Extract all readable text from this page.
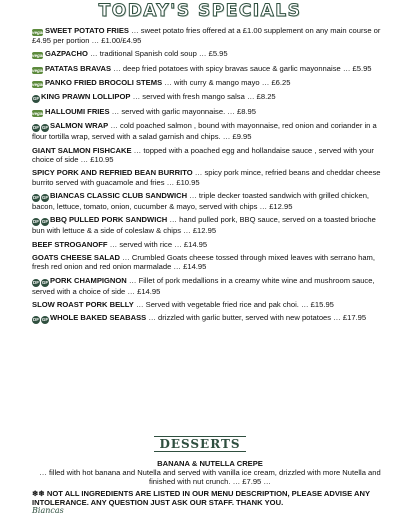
TODAY'S SPECIALS
veganSWEET POTATO FRIES … sweet potato fries offered at a £1.00 supplement on any main course or £4.95 per portion … £1.00/£4.95
veganGAZPACHO … traditional Spanish cold soup … £5.95
veganPATATAS BRAVAS … deep fried potatoes with spicy bravas sauce & garlic mayonnaise … £5.95
veganPANKO FRIED BROCOLI STEMS … with curry & mango mayo … £6.25
GF KING PRAWN LOLLIPOP … served with fresh mango salsa … £8.25
veganHALLOUMI FRIES … served with garlic mayonnaise. … £8.95
DF GF SALMON WRAP … cold poached salmon , bound with mayonnaise, red onion and coriander in a flour tortilla wrap, served with a salad garnish and chips. … £9.95
GIANT SALMON FISHCAKE … topped with a poached egg and hollandaise sauce , served with your choice of side … £10.95
SPICY PORK AND REFRIED BEAN BURRITO … spicy pork mince, refried beans and cheddar cheese burrito served with guacamole and fries … £10.95
DF GF BIANCAS CLASSIC CLUB SANDWICH … triple decker toasted sandwich with grilled chicken, bacon, lettuce, tomato, onion, cucumber & mayo, served with chips … £12.95
DF GF BBQ PULLED PORK SANDWICH … hand pulled pork, BBQ sauce, served on a toasted brioche bun with lettuce & a side of coleslaw & chips … £12.95
BEEF STROGANOFF … served with rice … £14.95
GOATS CHEESE SALAD … Crumbled Goats cheese tossed through mixed leaves with serrano ham, fresh red onion and red onion marmalade … £14.95
DF GF PORK CHAMPIGNON … Fillet of pork medallions in a creamy white wine and mushroom sauce, served with a choice of side … £14.95
SLOW ROAST PORK BELLY … Served with vegetable fried rice and pak choi. … £15.95
DF GF WHOLE BAKED SEABASS … drizzled with garlic butter, served with new potatoes … £17.95
DESSERTS
BANANA & NUTELLA CREPE
… filled with hot banana and Nutella and served with vanilla ice cream, drizzled with more Nutella and finished with nut crunch. … £7.95 …
❄❄ NOT ALL INGREDIENTS ARE LISTED IN OUR MENU DESCRIPTION, PLEASE ADVISE ANY INTOLERANCE. ANY QUESTION JUST ASK OUR STAFF. THANK YOU.
Biancas
